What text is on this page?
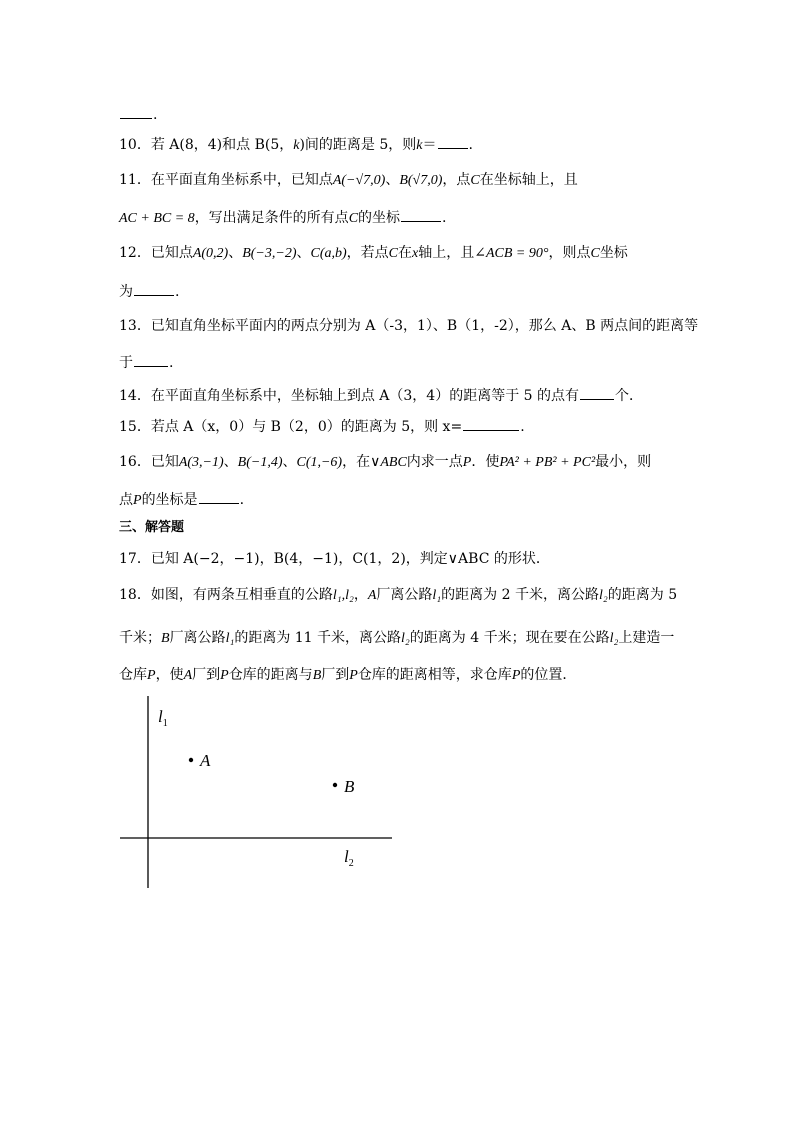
.
10．若 A(8，4)和点 B(5，k)间的距离是 5，则k＝ .
11．在平面直角坐标系中，已知点A(−√7,0)、B(√7,0)，点C在坐标轴上，且
AC + BC = 8，写出满足条件的所有点C的坐标	.
12．已知点A(0,2)、B(−3,−2)、C(a,b)，若点C在x轴上，且∠ACB = 90°，则点C坐标
为	.
13．已知直角坐标平面内的两点分别为 A（-3，1）、B（1，-2），那么 A、B 两点间的距离等
于	.
14．在平面直角坐标系中，坐标轴上到点 A（3，4）的距离等于 5 的点有	个．
15．若点 A（x，0）与 B（2，0）的距离为 5，则 x=	.
16．已知A(3,−1)、B(−1,4)、C(1,−6)，在∨ABC内求一点P．使PA² + PB² + PC²最小，则
点P的坐标是	.
三、解答题
17．已知 A(−2，−1)，B(4，−1)，C(1，2)，判定∨ABC 的形状．
18．如图，有两条互相垂直的公路l₁,l₂，A厂离公路l₁的距离为 2 千米，离公路l₂的距离为 5
千米；B厂离公路l₁的距离为 11 千米，离公路l₂的距离为 4 千米；现在要在公路l₂上建造一
仓库P，使A厂到P仓库的距离与B厂到P仓库的距离相等，求仓库P的位置．
$l_1$
$l_2$
A
B
